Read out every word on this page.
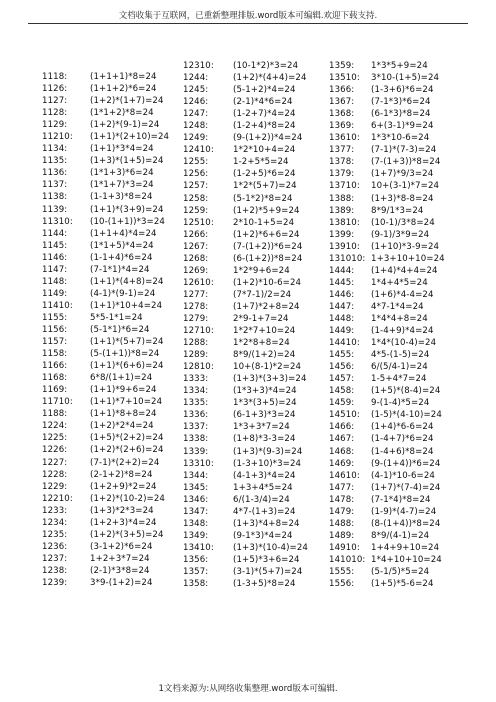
文档收集于互联网，已重新整理排版.word版本可编辑.欢迎下载支持.
1118:	(1+1+1)*8=24
1126:	(1+1+2)*6=24
1127:	(1+2)*(1+7)=24
1128:	(1*1+2)*8=24
1129:	(1+2)*(9-1)=24
11210:	(1+1)*(2+10)=24
1134:	(1+1)*3*4=24
1135:	(1+3)*(1+5)=24
1136:	(1*1+3)*6=24
1137:	(1*1+7)*3=24
1138:	(1-1+3)*8=24
1139:	(1+1)*(3+9)=24
11310:	(10-(1+1))*3=24
1144:	(1+1+4)*4=24
1145:	(1*1+5)*4=24
1146:	(1-1+4)*6=24
1147:	(7-1*1)*4=24
1148:	(1+1)*(4+8)=24
1149:	(4-1)*(9-1)=24
11410:	(1+1)*10+4=24
1155:	5*5-1*1=24
1156:	(5-1*1)*6=24
1157:	(1+1)*(5+7)=24
1158:	(5-(1+1))*8=24
1166:	(1+1)*(6+6)=24
1168:	6*8/(1+1)=24
1169:	(1+1)*9+6=24
11710:	(1+1)*7+10=24
1188:	(1+1)*8+8=24
1224:	(1+2)*2*4=24
1225:	(1+5)*(2+2)=24
1226:	(1+2)*(2+6)=24
1227:	(7-1)*(2+2)=24
1228:	(2-1+2)*8=24
1229:	(1+2+9)*2=24
12210:	(1+2)*(10-2)=24
1233:	(1+3)*2*3=24
1234:	(1+2+3)*4=24
1235:	(1+2)*(3+5)=24
1236:	(3-1+2)*6=24
1237:	1+2+3*7=24
1238:	(2-1)*3*8=24
1239:	3*9-(1+2)=24
12310:	(10-1*2)*3=24
1244:	(1+2)*(4+4)=24
1245:	(5-1+2)*4=24
1246:	(2-1)*4*6=24
1247:	(1-2+7)*4=24
1248:	(1-2+4)*8=24
1249:	(9-(1+2))*4=24
12410:	1*2*10+4=24
1255:	1-2+5*5=24
1256:	(1-2+5)*6=24
1257:	1*2*(5+7)=24
1258:	(5-1*2)*8=24
1259:	(1+2)*5+9=24
12510:	2*10-1+5=24
1266:	(1+2)*6+6=24
1267:	(7-(1+2))*6=24
1268:	(6-(1+2))*8=24
1269:	1*2*9+6=24
12610:	(1+2)*10-6=24
1277:	(7*7-1)/2=24
1278:	(1+7)*2+8=24
1279:	2*9-1+7=24
12710:	1*2*7+10=24
1288:	1*2*8+8=24
1289:	8*9/(1+2)=24
12810:	10+(8-1)*2=24
1333:	(1+3)*(3+3)=24
1334:	(1*3+3)*4=24
1335:	1*3*(3+5)=24
1336:	(6-1+3)*3=24
1337:	1*3+3*7=24
1338:	(1+8)*3-3=24
1339:	(1+3)*(9-3)=24
13310:	(1-3+10)*3=24
1344:	(4-1+3)*4=24
1345:	1+3+4*5=24
1346:	6/(1-3/4)=24
1347:	4*7-(1+3)=24
1348:	(1+3)*4+8=24
1349:	(9-1*3)*4=24
13410:	(1+3)*(10-4)=24
1356:	(1+5)*3+6=24
1357:	(3-1)*(5+7)=24
1358:	(1-3+5)*8=24
1359:	1*3*5+9=24
13510:	3*10-(1+5)=24
1366:	(1-3+6)*6=24
1367:	(7-1*3)*6=24
1368:	(6-1*3)*8=24
1369:	6+(3-1)*9=24
13610:	1*3*10-6=24
1377:	(7-1)*(7-3)=24
1378:	(7-(1+3))*8=24
1379:	(1+7)*9/3=24
13710:	10+(3-1)*7=24
1388:	(1+3)*8-8=24
1389:	8*9/1*3=24
13810:	(10-1)/3*8=24
1399:	(9-1)/3*9=24
13910:	(1+10)*3-9=24
131010: 1+3+10+10=24
1444:	(1+4)*4+4=24
1445:	1*4+4*5=24
1446:	(1+6)*4-4=24
1447:	4*7-1*4=24
1448:	1*4*4+8=24
1449:	(1-4+9)*4=24
14410:	1*4*(10-4)=24
1455:	4*5-(1-5)=24
1456:	6/(5/4-1)=24
1457:	1-5+4*7=24
1458:	(1+5)*(8-4)=24
1459:	9-(1-4)*5=24
14510:	(1-5)*(4-10)=24
1466:	(1+4)*6-6=24
1467:	(1-4+7)*6=24
1468:	(1-4+6)*8=24
1469:	(9-(1+4))*6=24
14610:	(4-1)*10-6=24
1477:	(1+7)*(7-4)=24
1478:	(7-1*4)*8=24
1479:	(1-9)*(4-7)=24
1488:	(8-(1+4))*8=24
1489:	8*9/(4-1)=24
14910:	1+4+9+10=24
141010: 1*4+10+10=24
1555:	(5-1/5)*5=24
1556:	(1+5)*5-6=24
1文档来源为:从网络收集整理.word版本可编辑.
